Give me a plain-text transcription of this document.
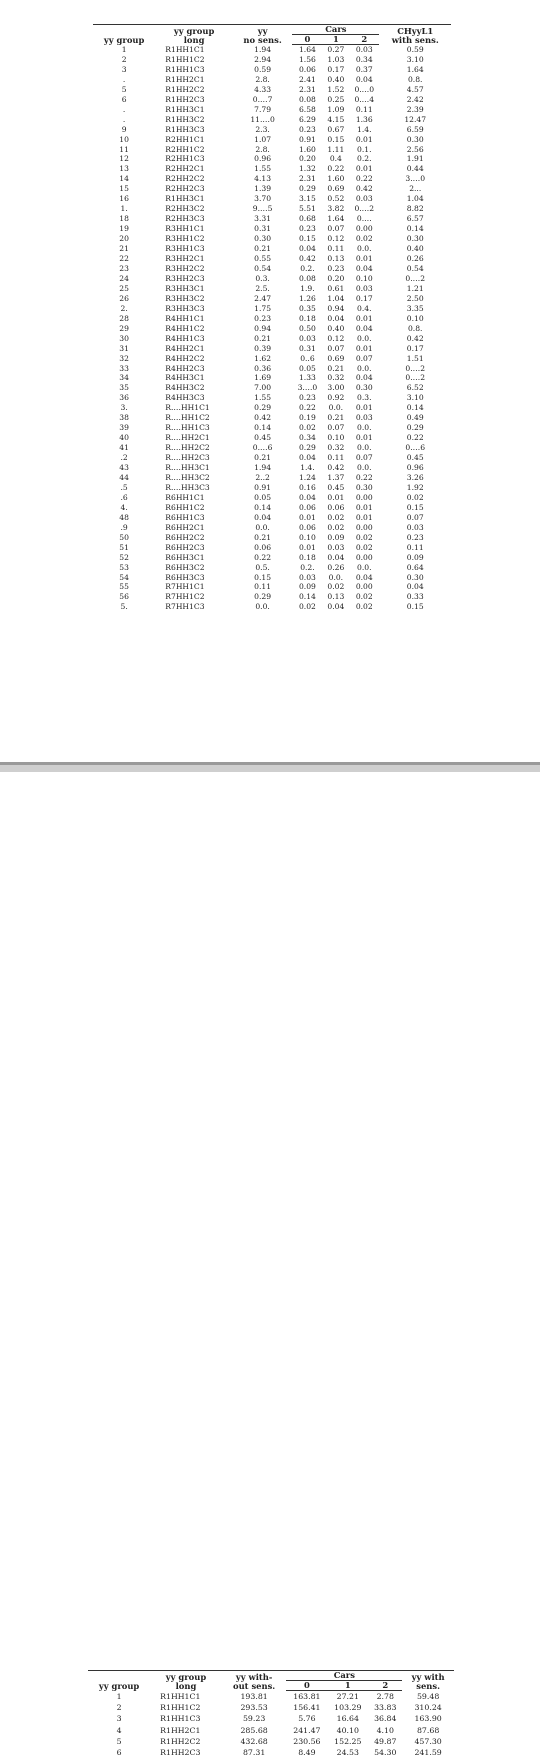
yy group	yy group
long	yy
no sens.	Cars			CHyyL1
with sens.
			0	1	2	
1	R1HH1C1	1.94	1.64	0.27	0.03	0.59
2	R1HH1C2	2.94	1.56	1.03	0.34	3.10
3	R1HH1C3	0.59	0.06	0.17	0.37	1.64
.	R1HH2C1	2.8.	2.41	0.40	0.04	0.8.
5	R1HH2C2	4.33	2.31	1.52	0.…0	4.57
6	R1HH2C3	0.…7	0.08	0.25	0.…4	2.42
.	R1HH3C1	7.79	6.58	1.09	0.11	2.39
.	R1HH3C2	11.…0	6.29	4.15	1.36	12.47
9	R1HH3C3	2.3.	0.23	0.67	1.4.	6.59
10	R2HH1C1	1.07	0.91	0.15	0.01	0.30
11	R2HH1C2	2.8.	1.60	1.11	0.1.	2.56
12	R2HH1C3	0.96	0.20	0.4	0.2.	1.91
13	R2HH2C1	1.55	1.32	0.22	0.01	0.44
14	R2HH2C2	4.13	2.31	1.60	0.22	3.…0
15	R2HH2C3	1.39	0.29	0.69	0.42	2...
16	R1HH3C1	3.70	3.15	0.52	0.03	1.04
1.	R2HH3C2	9.…5	5.51	3.82	0.…2	8.82
18	R2HH3C3	3.31	0.68	1.64	0.…	6.57
19	R3HH1C1	0.31	0.23	0.07	0.00	0.14
20	R3HH1C2	0.30	0.15	0.12	0.02	0.30
21	R3HH1C3	0.21	0.04	0.11	0.0.	0.40
22	R3HH2C1	0.55	0.42	0.13	0.01	0.26
23	R3HH2C2	0.54	0.2.	0.23	0.04	0.54
24	R3HH2C3	0.3.	0.08	0.20	0.10	0.…2
25	R3HH3C1	2.5.	1.9.	0.61	0.03	1.21
26	R3HH3C2	2.47	1.26	1.04	0.17	2.50
2.	R3HH3C3	1.75	0.35	0.94	0.4.	3.35
28	R4HH1C1	0.23	0.18	0.04	0.01	0.10
29	R4HH1C2	0.94	0.50	0.40	0.04	0.8.
30	R4HH1C3	0.21	0.03	0.12	0.0.	0.42
31	R4HH2C1	0.39	0.31	0.07	0.01	0.17
32	R4HH2C2	1.62	0..6	0.69	0.07	1.51
33	R4HH2C3	0.36	0.05	0.21	0.0.	0.…2
34	R4HH3C1	1.69	1.33	0.32	0.04	0.…2
35	R4HH3C2	7.00	3.…0	3.00	0.30	6.52
36	R4HH3C3	1.55	0.23	0.92	0.3.	3.10
3.	R.…HH1C1	0.29	0.22	0.0.	0.01	0.14
38	R.…HH1C2	0.42	0.19	0.21	0.03	0.49
39	R.…HH1C3	0.14	0.02	0.07	0.0.	0.29
40	R.…HH2C1	0.45	0.34	0.10	0.01	0.22
41	R.…HH2C2	0.…6	0.29	0.32	0.0.	0.…6
.2	R.…HH2C3	0.21	0.04	0.11	0.07	0.45
43	R.…HH3C1	1.94	1.4.	0.42	0.0.	0.96
44	R.…HH3C2	2..2	1.24	1.37	0.22	3.26
.5	R.…HH3C3	0.91	0.16	0.45	0.30	1.92
.6	R6HH1C1	0.05	0.04	0.01	0.00	0.02
4.	R6HH1C2	0.14	0.06	0.06	0.01	0.15
48	R6HH1C3	0.04	0.01	0.02	0.01	0.07
.9	R6HH2C1	0.0.	0.06	0.02	0.00	0.03
50	R6HH2C2	0.21	0.10	0.09	0.02	0.23
51	R6HH2C3	0.06	0.01	0.03	0.02	0.11
52	R6HH3C1	0.22	0.18	0.04	0.00	0.09
53	R6HH3C2	0.5.	0.2.	0.26	0.0.	0.64
54	R6HH3C3	0.15	0.03	0.0.	0.04	0.30
55	R7HH1C1	0.11	0.09	0.02	0.00	0.04
56	R7HH1C2	0.29	0.14	0.13	0.02	0.33
5.	R7HH1C3	0.0.	0.02	0.04	0.02	0.15
yy group	yy group
long	yy with-
out sens.	Cars			yy with
sens.
			0	1	2	
1	R1HH1C1	193.81	163.81	27.21	2.78	59.48
2	R1HH1C2	293.53	156.41	103.29	33.83	310.24
3	R1HH1C3	59.23	5.76	16.64	36.84	163.90
4	R1HH2C1	285.68	241.47	40.10	4.10	87.68
5	R1HH2C2	432.68	230.56	152.25	49.87	457.30
6	R1HH2C3	87.31	8.49	24.53	54.30	241.59
